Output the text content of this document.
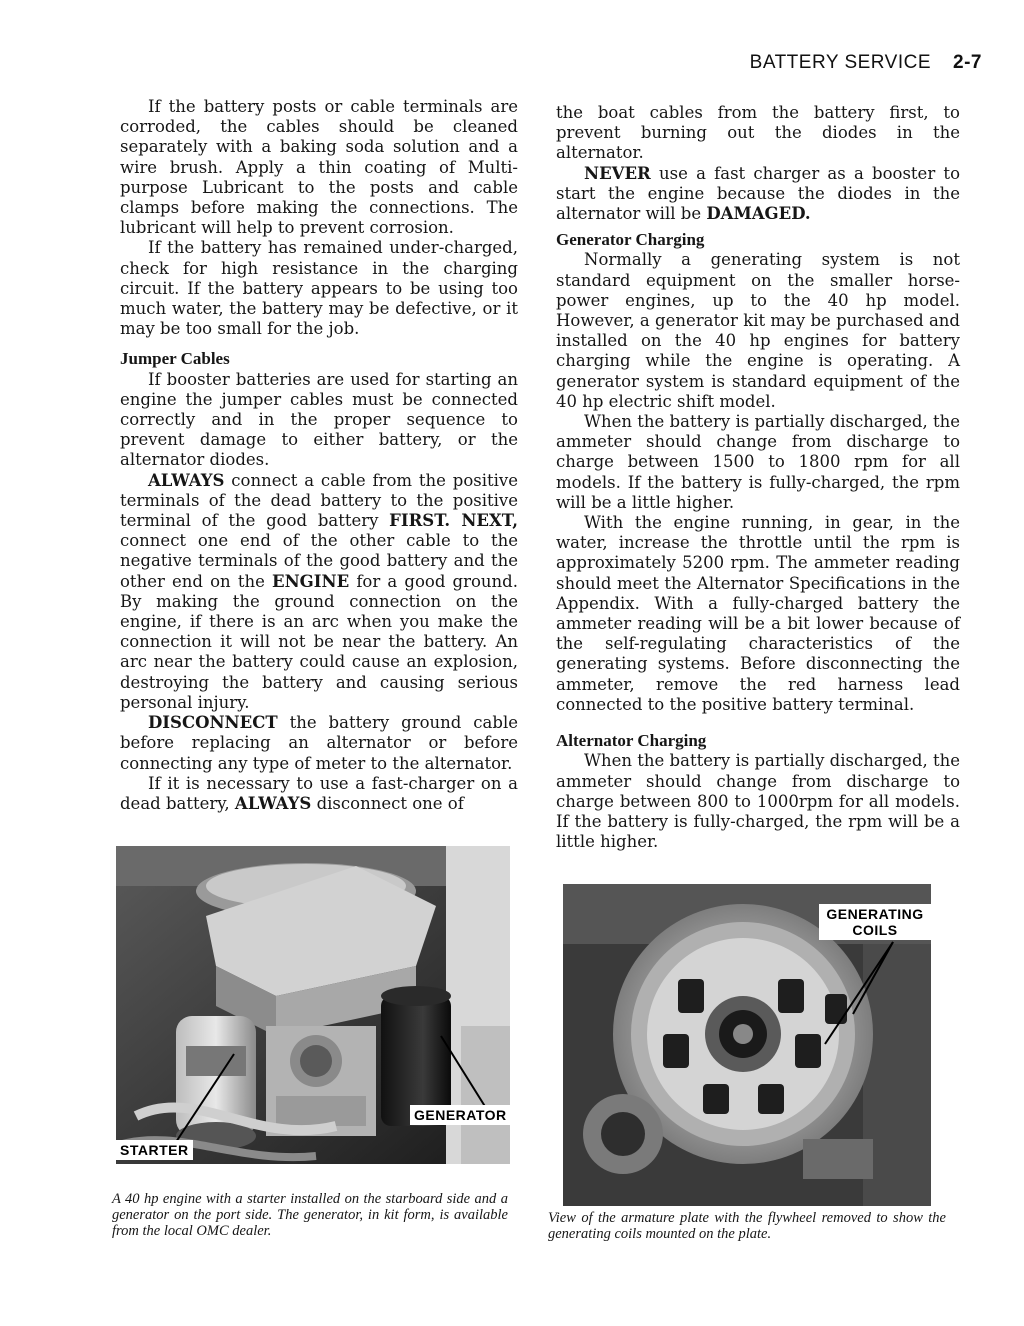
BATTERY SERVICE 2-7

If the battery posts or cable terminals are corroded, the cables should be cleaned separately with a baking soda solution and a wire brush. Apply a thin coating of Multi-purpose Lubricant to the posts and cable clamps before making the connections. The lubricant will help to prevent corrosion.

If the battery has remained under-charged, check for high resistance in the charging circuit. If the battery appears to be using too much water, the battery may be defective, or it may be too small for the job.

Jumper Cables

If booster batteries are used for starting an engine the jumper cables must be connected correctly and in the proper sequence to prevent damage to either battery, or the alternator diodes.

ALWAYS connect a cable from the positive terminals of the dead battery to the positive terminal of the good battery FIRST. NEXT, connect one end of the other cable to the negative terminals of the good battery and the other end on the ENGINE for a good ground. By making the ground connection on the engine, if there is an arc when you make the connection it will not be near the battery. An arc near the battery could cause an explosion, destroying the battery and causing serious personal injury.

DISCONNECT the battery ground cable before replacing an alternator or before connecting any type of meter to the alternator.

If it is necessary to use a fast-charger on a dead battery, ALWAYS disconnect one of

the boat cables from the battery first, to prevent burning out the diodes in the alternator.

NEVER use a fast charger as a booster to start the engine because the diodes in the alternator will be DAMAGED.

Generator Charging

Normally a generating system is not standard equipment on the smaller horse-power engines, up to the 40 hp model. However, a generator kit may be purchased and installed on the 40 hp engines for battery charging while the engine is operating. A generator system is standard equipment of the 40 hp electric shift model.

When the battery is partially discharged, the ammeter should change from discharge to charge between 1500 to 1800 rpm for all models. If the battery is fully-charged, the rpm will be a little higher.

With the engine running, in gear, in the water, increase the throttle until the rpm is approximately 5200 rpm. The ammeter reading should meet the Alternator Specifications in the Appendix. With a fully-charged battery the ammeter reading will be a bit lower because of the self-regulating characteristics of the generating systems. Before disconnecting the ammeter, remove the red harness lead connected to the positive battery terminal.

Alternator Charging

When the battery is partially discharged, the ammeter should change from discharge to charge between 800 to 1000rpm for all models. If the battery is fully-charged, the rpm will be a little higher.

STARTER
GENERATOR
A 40 hp engine with a starter installed on the starboard side and a generator on the port side. The generator, in kit form, is available from the local OMC dealer.
GENERATING
COILS
View of the armature plate with the flywheel removed to show the generating coils mounted on the plate.
